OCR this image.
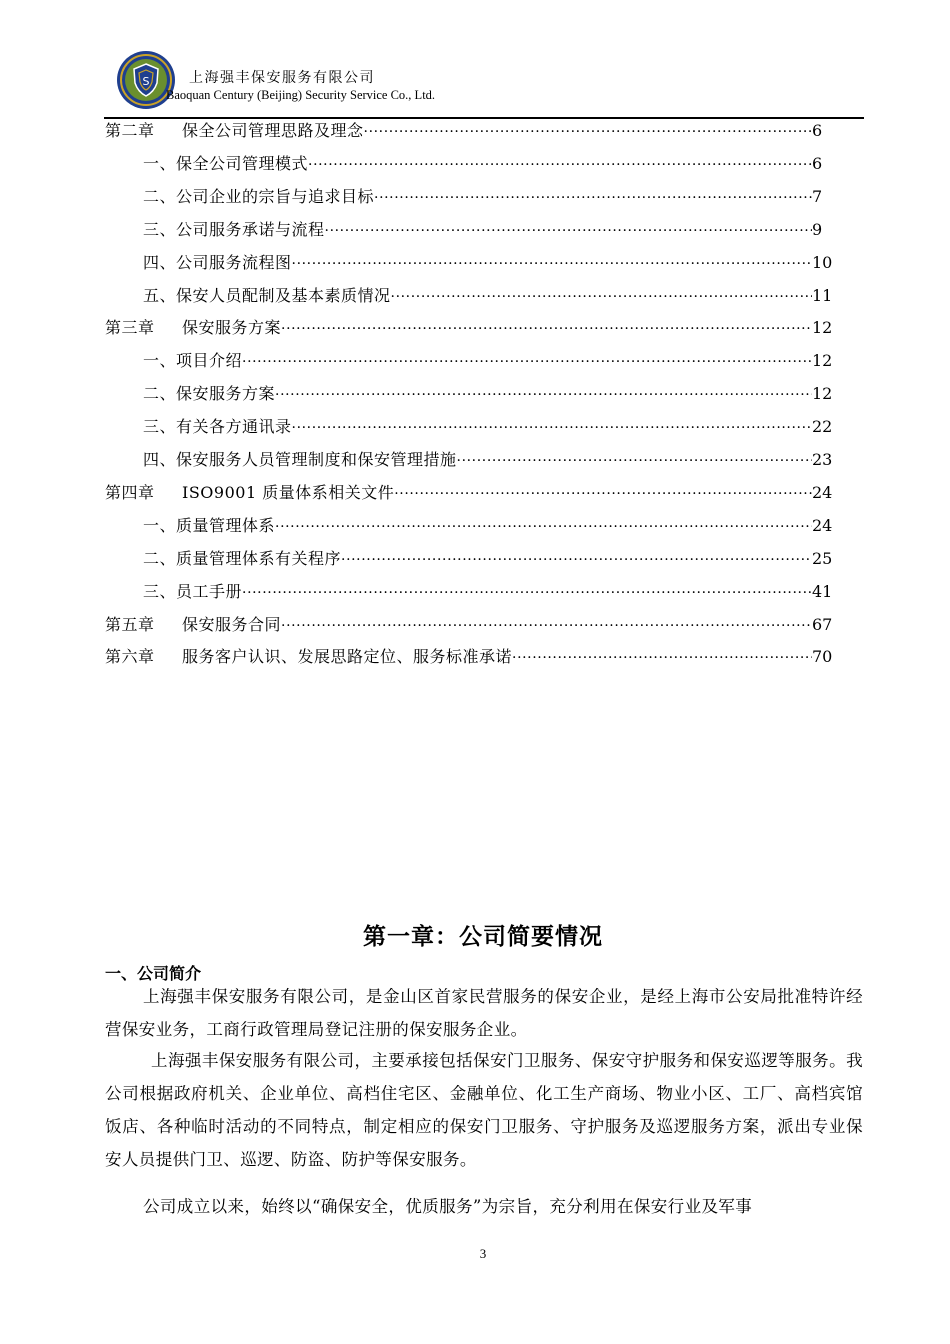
S	上海强丰保安服务有限公司
Baoquan Century (Beijing) Security Service Co., Ltd.
第二章 保全公司管理思路及理念 ·····	6
一、保全公司管理模式 ·····	6
二、公司企业的宗旨与追求目标 ·····	7
三、公司服务承诺与流程 ·····	9
四、公司服务流程图 ·····	10
五、保安人员配制及基本素质情况 ·····	11
第三章 保安服务方案 ·····	12
一、项目介绍 ·····	12
二、保安服务方案 ·····	12
三、有关各方通讯录 ·····	22
四、保安服务人员管理制度和保安管理措施 ·····	23
第四章 ISO9001 质量体系相关文件 ·····	24
一、质量管理体系 ·····	24
二、质量管理体系有关程序 ·····	25
三、员工手册 ·····	41
第五章 保安服务合同 ·····	67
第六章 服务客户认识、发展思路定位、服务标准承诺 ·····	70
第一章：公司简要情况
一、公司简介
上海强丰保安服务有限公司，是金山区首家民营服务的保安企业，是经上海市公安局批准特许经营保安业务，工商行政管理局登记注册的保安服务企业。
上海强丰保安服务有限公司，主要承接包括保安门卫服务、保安守护服务和保安巡逻等服务。我公司根据政府机关、企业单位、高档住宅区、金融单位、化工生产商场、物业小区、工厂、高档宾馆饭店、各种临时活动的不同特点，制定相应的保安门卫服务、守护服务及巡逻服务方案，派出专业保安人员提供门卫、巡逻、防盗、防护等保安服务。
公司成立以来，始终以“确保安全，优质服务”为宗旨，充分利用在保安行业及军事
3
